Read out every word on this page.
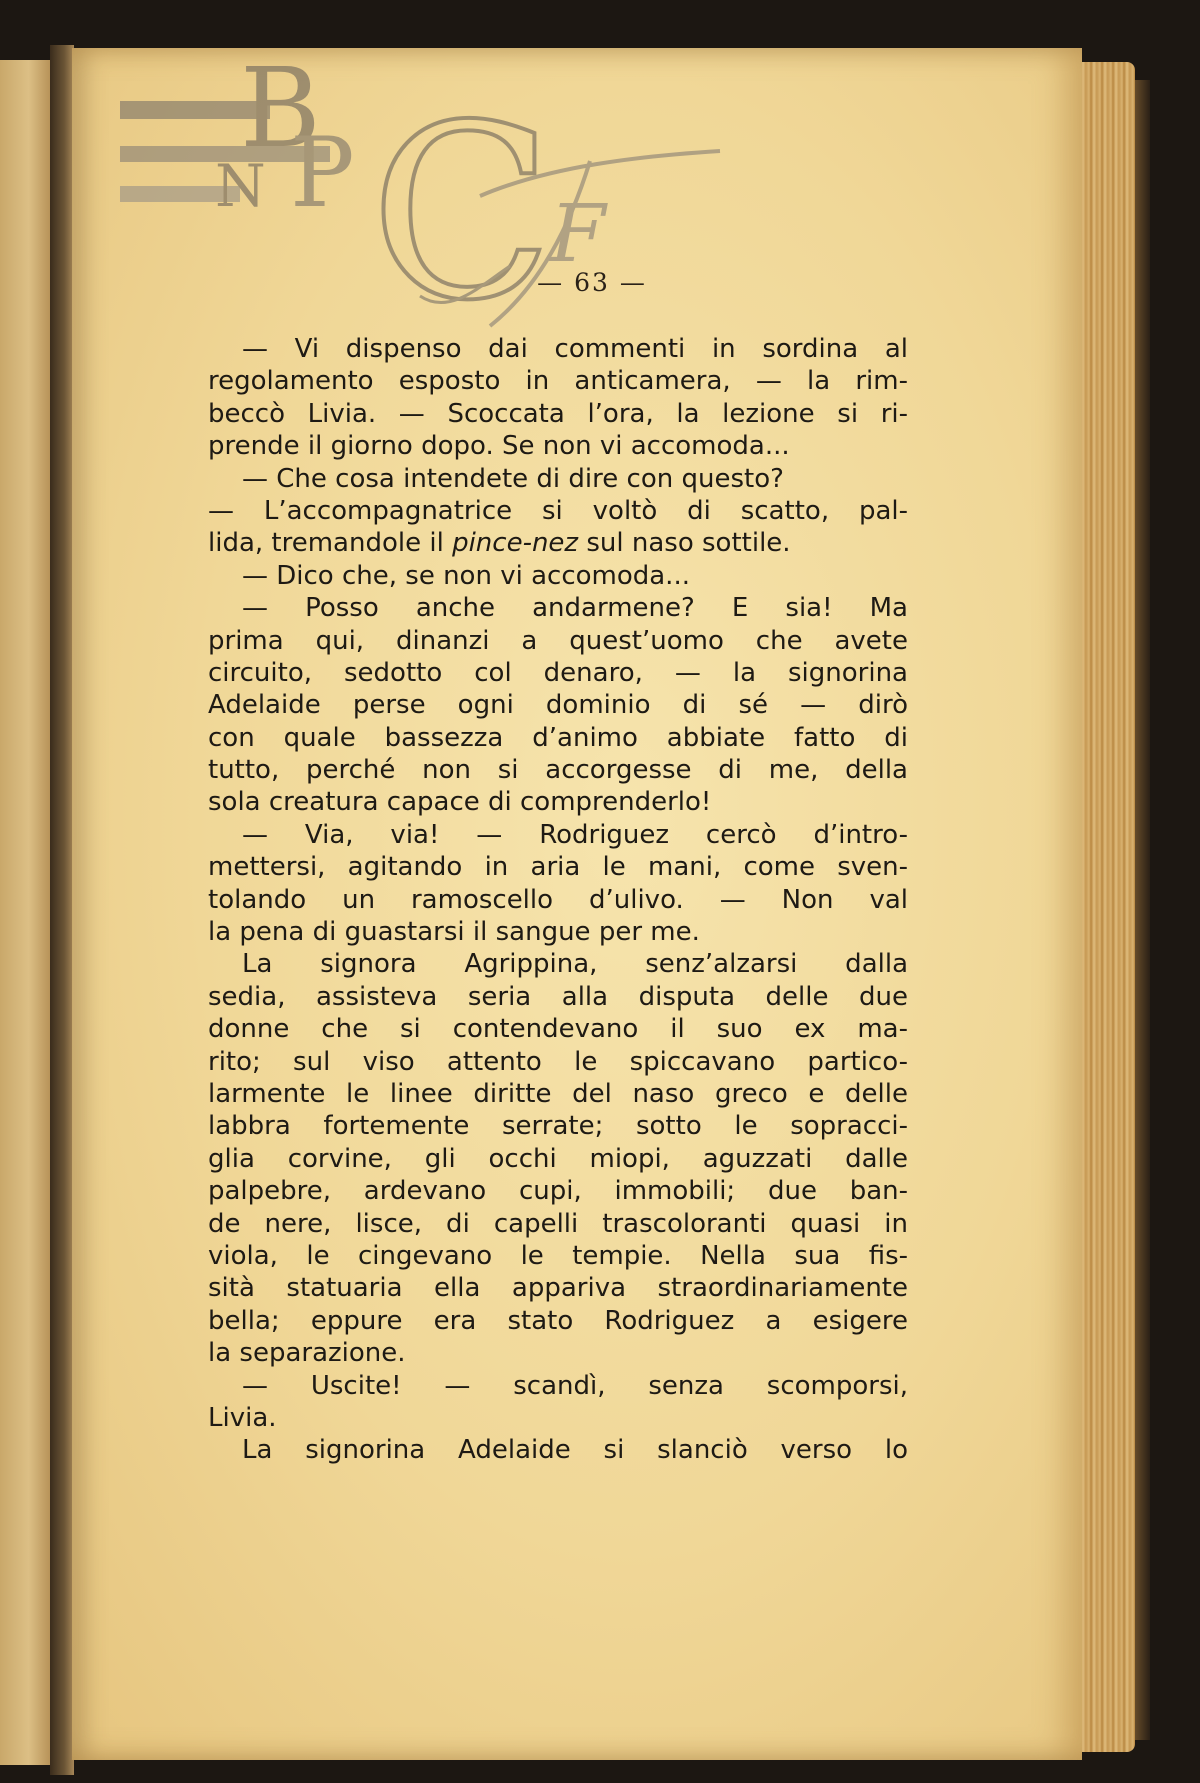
B
N P C
F
— 63 —
— Vi dispenso dai commenti in sordina al
regolamento esposto in anticamera, — la rim-
beccò Livia. — Scoccata l’ora, la lezione si ri-
prende il giorno dopo. Se non vi accomoda...
— Che cosa intendete di dire con questo?
— L’accompagnatrice si voltò di scatto, pal-
lida, tremandole il pince-nez sul naso sottile.
— Dico che, se non vi accomoda...
— Posso anche andarmene? E sia! Ma
prima qui, dinanzi a quest’uomo che avete
circuito, sedotto col denaro, — la signorina
Adelaide perse ogni dominio di sé — dirò
con quale bassezza d’animo abbiate fatto di
tutto, perché non si accorgesse di me, della
sola creatura capace di comprenderlo!
— Via, via! — Rodriguez cercò d’intro-
mettersi, agitando in aria le mani, come sven-
tolando un ramoscello d’ulivo. — Non val
la pena di guastarsi il sangue per me.
La signora Agrippina, senz’alzarsi dalla
sedia, assisteva seria alla disputa delle due
donne che si contendevano il suo ex ma-
rito; sul viso attento le spiccavano partico-
larmente le linee diritte del naso greco e delle
labbra fortemente serrate; sotto le sopracci-
glia corvine, gli occhi miopi, aguzzati dalle
palpebre, ardevano cupi, immobili; due ban-
de nere, lisce, di capelli trascoloranti quasi in
viola, le cingevano le tempie. Nella sua fis-
sità statuaria ella appariva straordinariamente
bella; eppure era stato Rodriguez a esigere
la separazione.
— Uscite! — scandì, senza scomporsi,
Livia.
La signorina Adelaide si slanciò verso lo
